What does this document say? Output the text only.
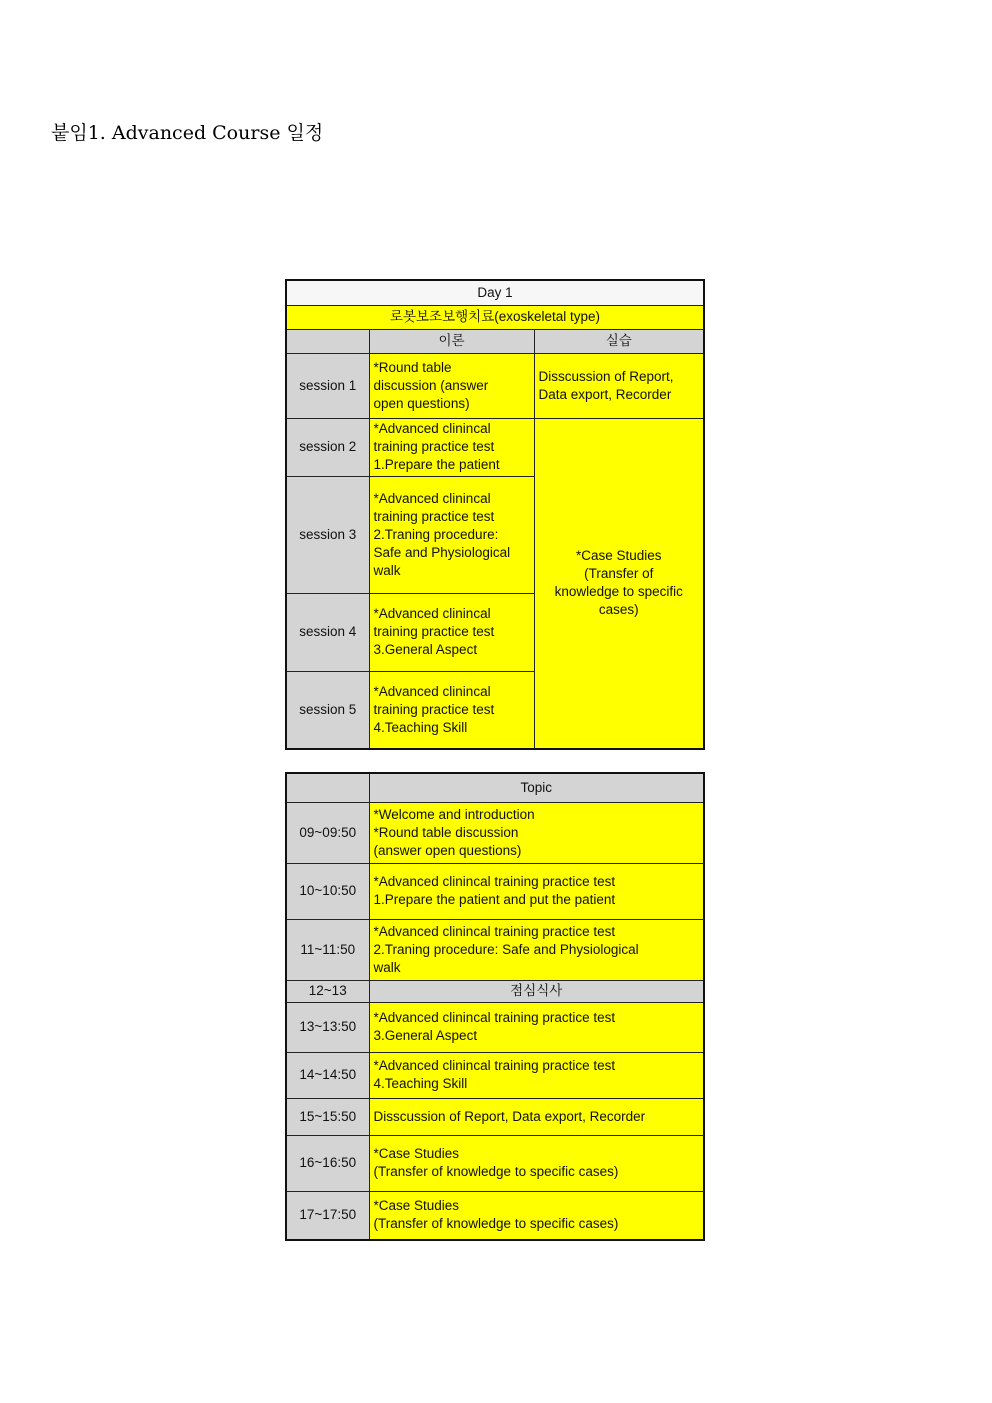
붙임1. Advanced Course 일정
Day 1		
로봇보조보행치료(exoskeletal type)		
	이론	실습
session 1	*Round table
discussion (answer
open questions)	Disscussion of Report,
Data export, Recorder
session 2	*Advanced clinincal
training practice test
1.Prepare the patient	*Case Studies
(Transfer of
knowledge to specific
cases)
session 3	*Advanced clinincal
training practice test
2.Traning procedure:
Safe and Physiological
walk	
session 4	*Advanced clinincal
training practice test
3.General Aspect	
session 5	*Advanced clinincal
training practice test
4.Teaching Skill	
	Topic
09~09:50	*Welcome and introduction
*Round table discussion
(answer open questions)
10~10:50	*Advanced clinincal training practice test
1.Prepare the patient and put the patient
11~11:50	*Advanced clinincal training practice test
2.Traning procedure: Safe and Physiological
walk
12~13	점심식사
13~13:50	*Advanced clinincal training practice test
3.General Aspect
14~14:50	*Advanced clinincal training practice test
4.Teaching Skill
15~15:50	Disscussion of Report, Data export, Recorder
16~16:50	*Case Studies
(Transfer of knowledge to specific cases)
17~17:50	*Case Studies
(Transfer of knowledge to specific cases)
